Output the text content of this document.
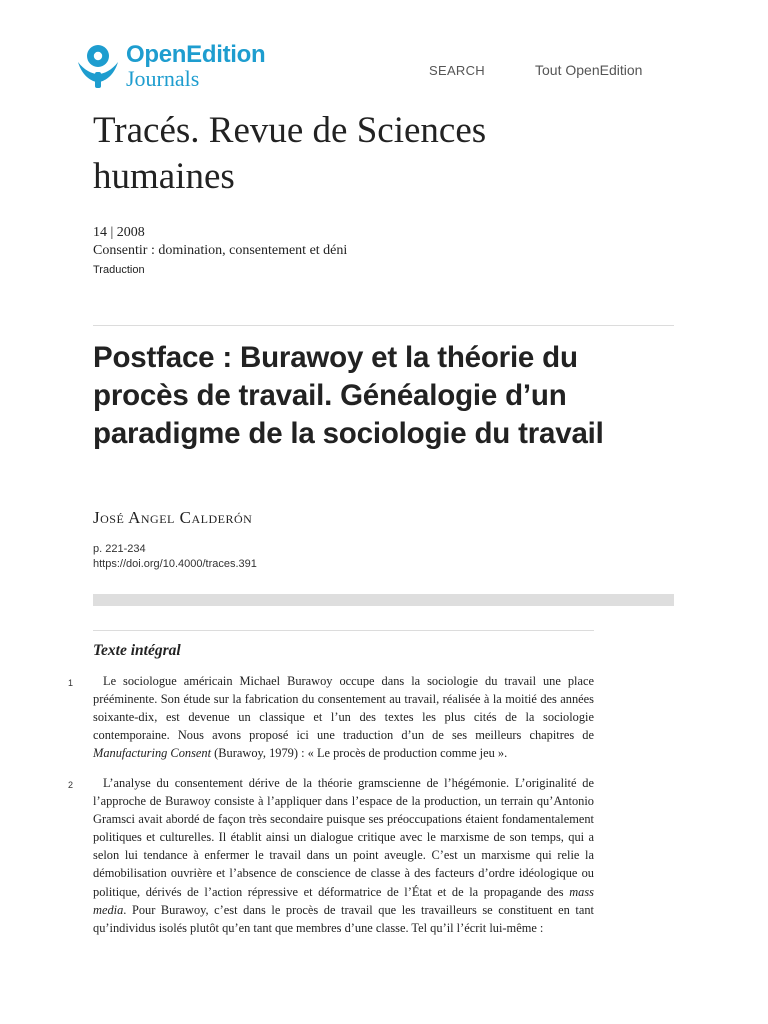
OpenEdition
Journals	SEARCH	Tout OpenEdition
Tracés. Revue de Sciences humaines
14 | 2008
Consentir : domination, consentement et déni
Traduction
Postface : Burawoy et la théorie du procès de travail. Généalogie d’un paradigme de la sociologie du travail
José Angel Calderón
p. 221-234
https://doi.org/10.4000/traces.391
Texte intégral
1	Le sociologue américain Michael Burawoy occupe dans la sociologie du travail une place prééminente. Son étude sur la fabrication du consentement au travail, réalisée à la moitié des années soixante-dix, est devenue un classique et l’un des textes les plus cités de la sociologie contemporaine. Nous avons proposé ici une traduction d’un de ses meilleurs chapitres de Manufacturing Consent (Burawoy, 1979) : « Le procès de production comme jeu ».

2	L’analyse du consentement dérive de la théorie gramscienne de l’hégémonie. L’originalité de l’approche de Burawoy consiste à l’appliquer dans l’espace de la production, un terrain qu’Antonio Gramsci avait abordé de façon très secondaire puisque ses préoccupations étaient fondamentalement politiques et culturelles. Il établit ainsi un dialogue critique avec le marxisme de son temps, qui a selon lui tendance à enfermer le travail dans un point aveugle. C’est un marxisme qui relie la démobilisation ouvrière et l’absence de conscience de classe à des facteurs d’ordre idéologique ou politique, dérivés de l’action répressive et déformatrice de l’État et de la propagande des mass media. Pour Burawoy, c’est dans le procès de travail que les travailleurs se constituent en tant qu’individus isolés plutôt qu’en tant que membres d’une classe. Tel qu’il l’écrit lui-même :
